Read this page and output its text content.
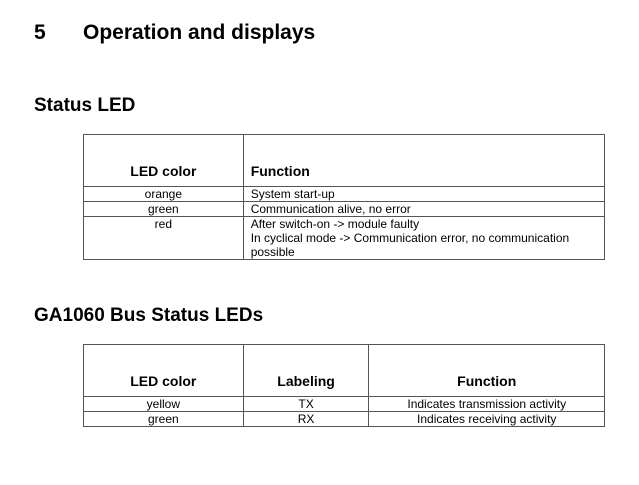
5 Operation and displays
Status LED
LED color	Function
orange	System start-up
green	Communication alive, no error
red	After switch-on -> module faulty
In cyclical mode -> Communication error, no communication possible
GA1060 Bus Status LEDs
LED color	Labeling	Function
yellow	TX	Indicates transmission activity
green	RX	Indicates receiving activity
